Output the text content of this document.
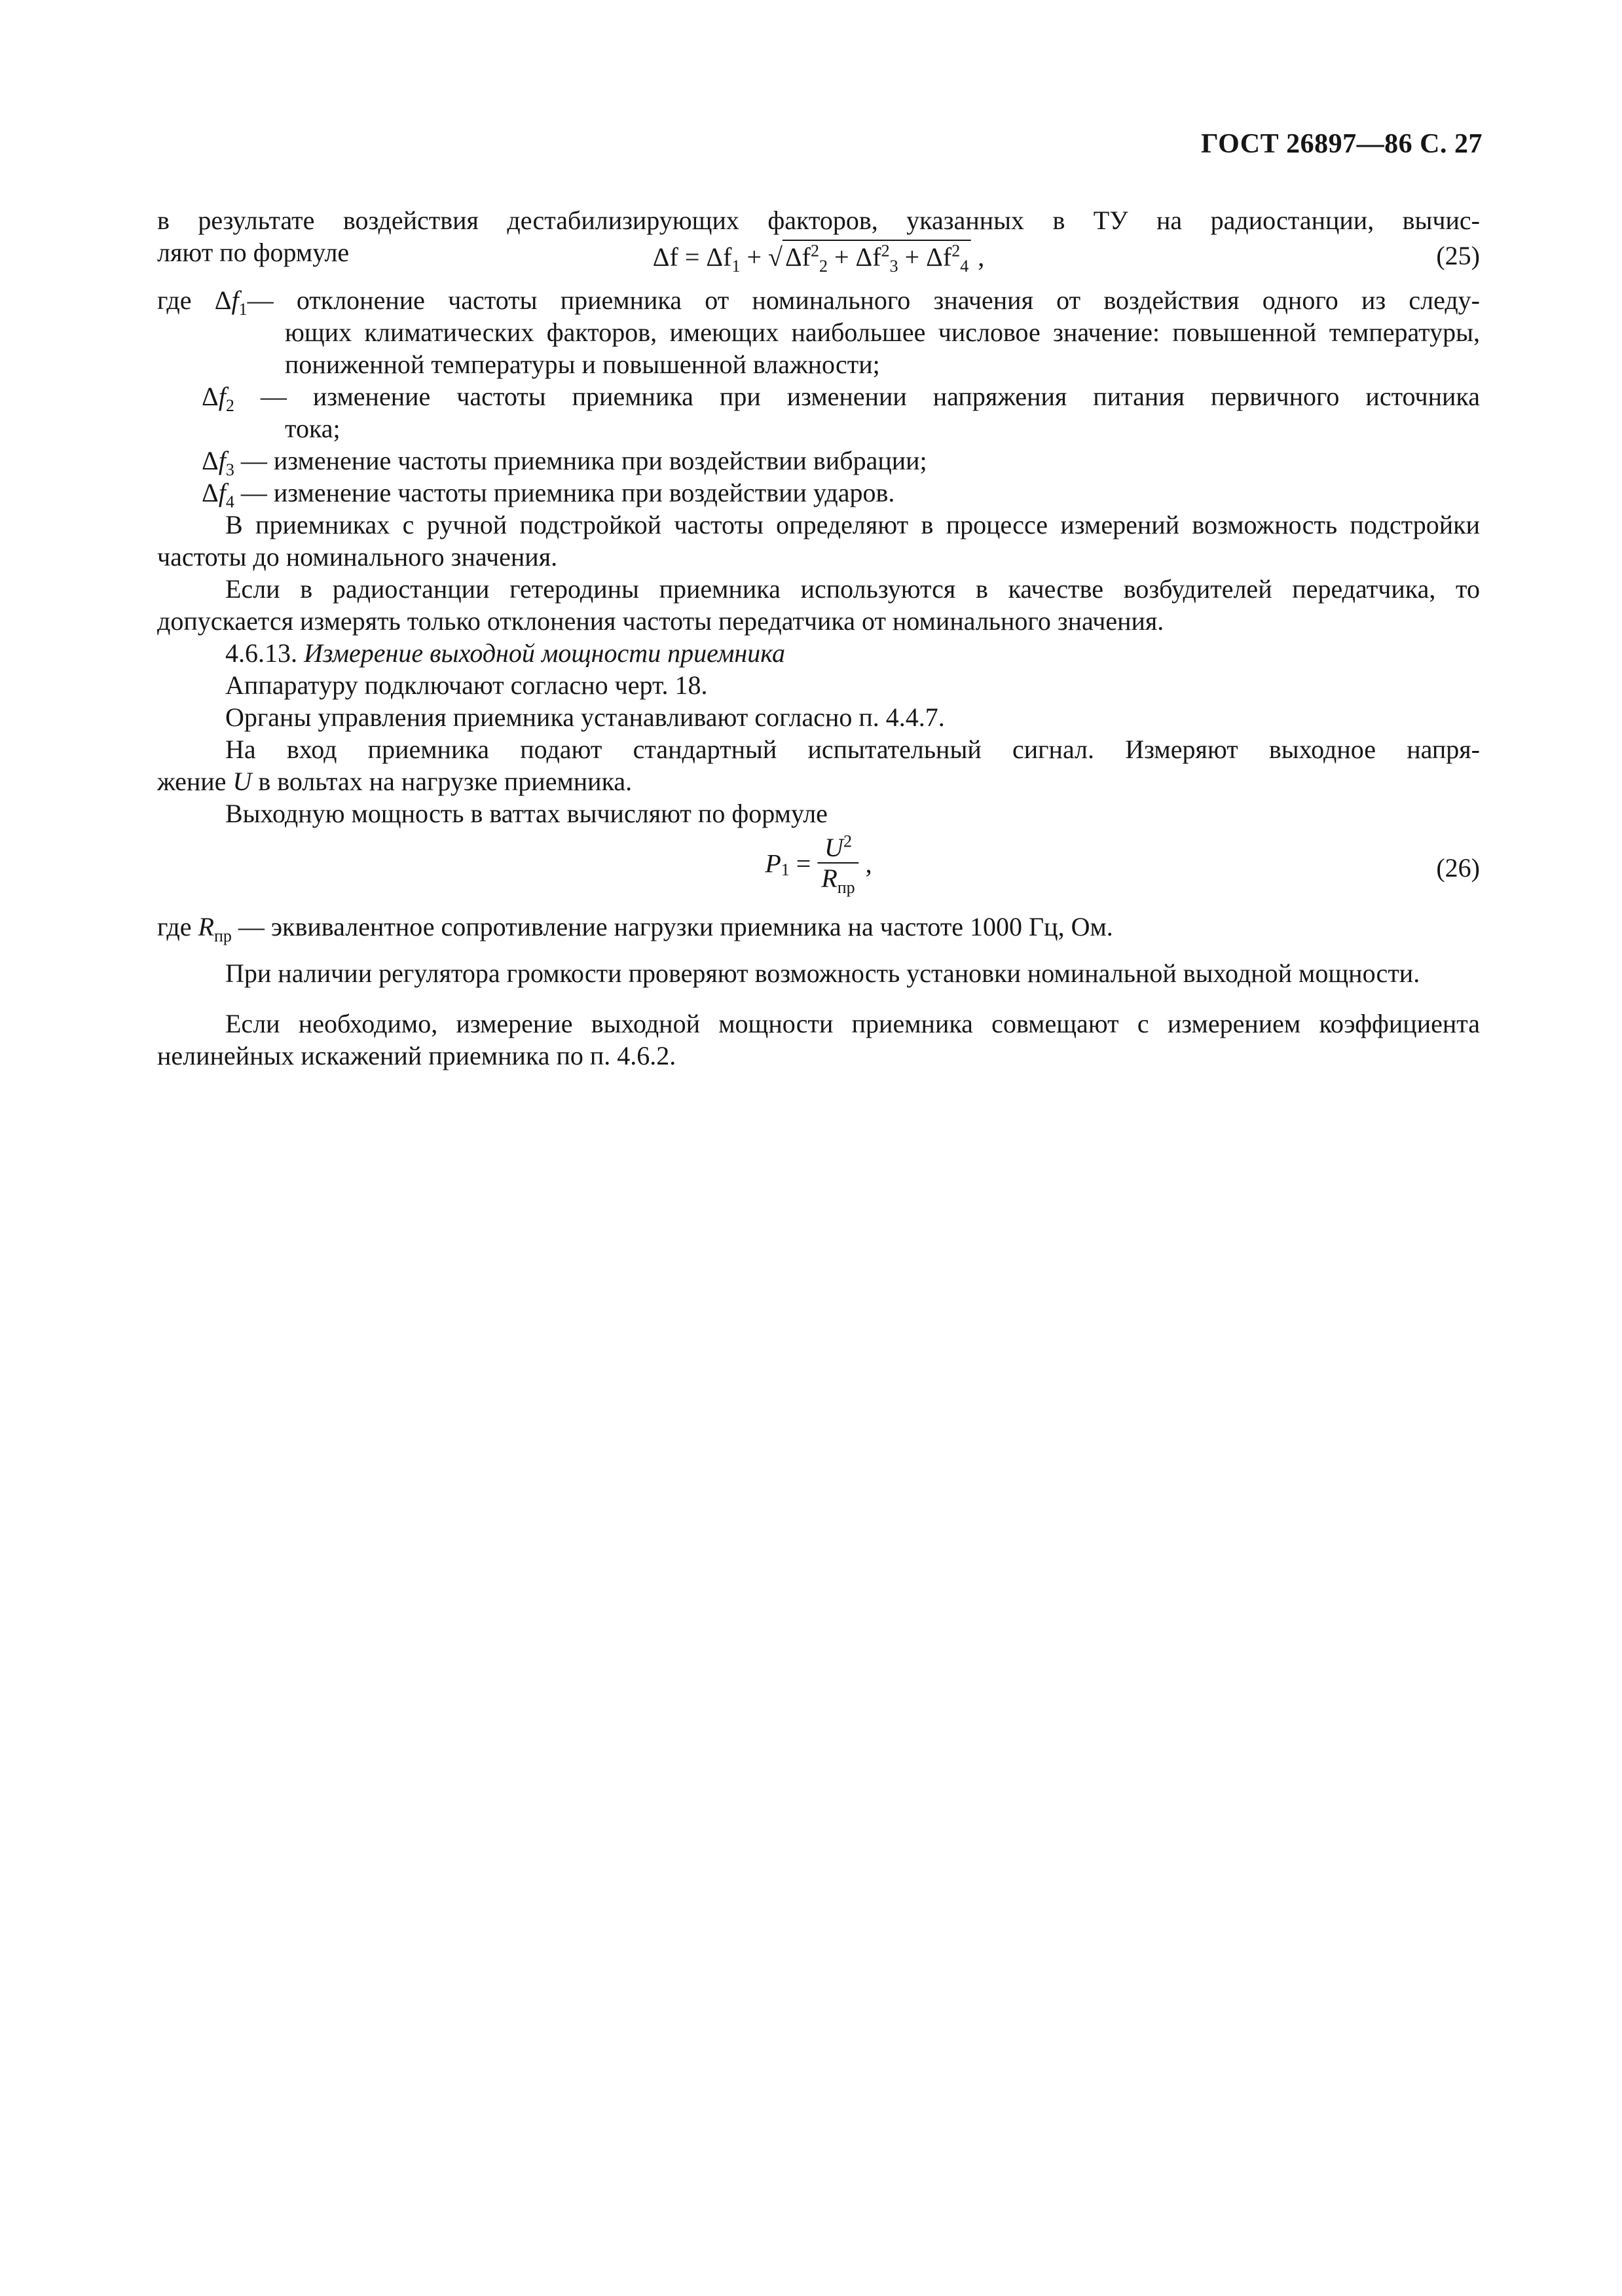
ГОСТ 26897—86 С. 27

в результате воздействия дестабилизирующих факторов, указанных в ТУ на радиостанции, вычис-

ляют по формуле	$\Delta f = \Delta f_1$ + √ $\Delta f^2_2 + \Delta f^2_3 + \Delta f^2_4$ ,	(25)
где $\Delta f_1—$ отклонение частоты приемника от номинального значения от воздействия одного из следу-
ющих климатических факторов, имеющих наибольшее числовое значение: повышенной температуры, пониженной температуры и повышенной влажности;
$\Delta f_2$ — изменение частоты приемника при изменении напряжения питания первичного источника
тока;
$\Delta f_3$ — изменение частоты приемника при воздействии вибрации;
$\Delta f_4$ — изменение частоты приемника при воздействии ударов.

В приемниках с ручной подстройкой частоты определяют в процессе измерений возможность подстройки частоты до номинального значения.

Если в радиостанции гетеродины приемника используются в качестве возбудителей передатчика, то допускается измерять только отклонения частоты передатчика от номинального значения.

4.6.13. Измерение выходной мощности приемника

Аппаратуру подключают согласно черт. 18.

Органы управления приемника устанавливают согласно п. 4.4.7.

На вход приемника подают стандартный испытательный сигнал. Измеряют выходное напря-

жение U в вольтах на нагрузке приемника.

Выходную мощность в ваттах вычисляют по формуле

$P_1 = \frac{U^2}{R_{пр}}$ ,	(26)

где $R_{пр}$ — эквивалентное сопротивление нагрузки приемника на частоте 1000 Гц, Ом.

При наличии регулятора громкости проверяют возможность установки номинальной выходной мощности.

Если необходимо, измерение выходной мощности приемника совмещают с измерением коэффициента нелинейных искажений приемника по п. 4.6.2.
